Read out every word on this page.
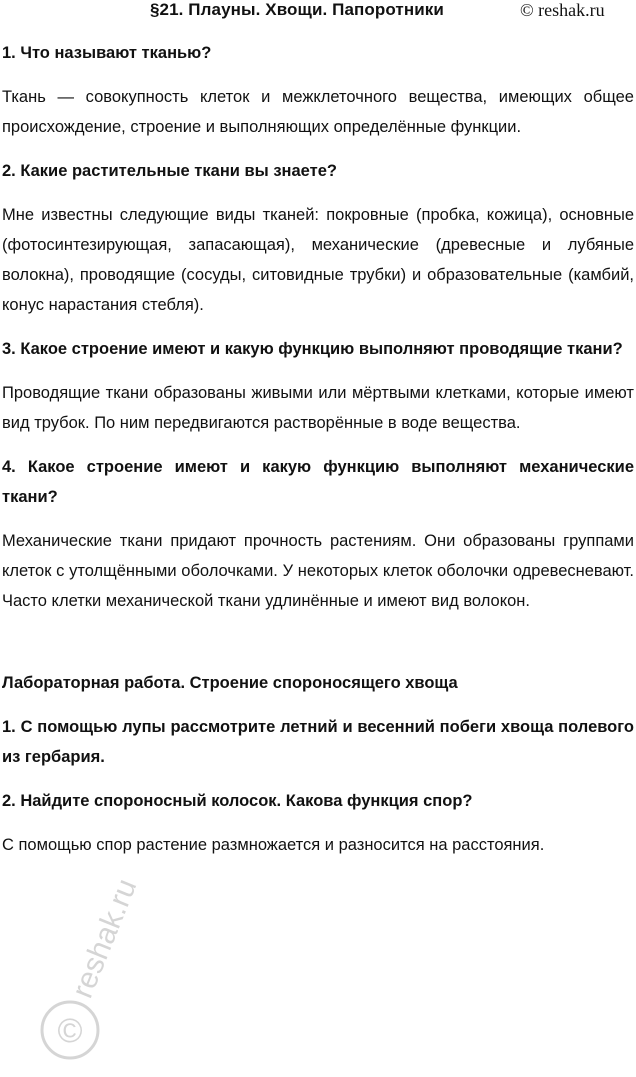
§21. Плауны. Хвощи. Папоротники	© reshak.ru
1. Что называют тканью?

Ткань — совокупность клеток и межклеточного вещества, имеющих общее происхождение, строение и выполняющих определённые функции.

2. Какие растительные ткани вы знаете?

Мне известны следующие виды тканей: покровные (пробка, кожица), основные (фотосинтезирующая, запасающая), механические (древесные и лубяные волокна), проводящие (сосуды, ситовидные трубки) и образовательные (камбий, конус нарастания стебля).

3. Какое строение имеют и какую функцию выполняют проводящие ткани?

Проводящие ткани образованы живыми или мёртвыми клетками, которые имеют вид трубок. По ним передвигаются растворённые в воде вещества.

4. Какое строение имеют и какую функцию выполняют механические ткани?

Механические ткани придают прочность растениям. Они образованы группами клеток с утолщёнными оболочками. У некоторых клеток оболочки одревесневают. Часто клетки механической ткани удлинённые и имеют вид волокон.

Лабораторная работа. Строение спороносящего хвоща
1. С помощью лупы рассмотрите летний и весенний побеги хвоща полевого из гербария.
2. Найдите спороносный колосок. Какова функция спор?

С помощью спор растение размножается и разносится на расстояния.

©
reshak.ru
